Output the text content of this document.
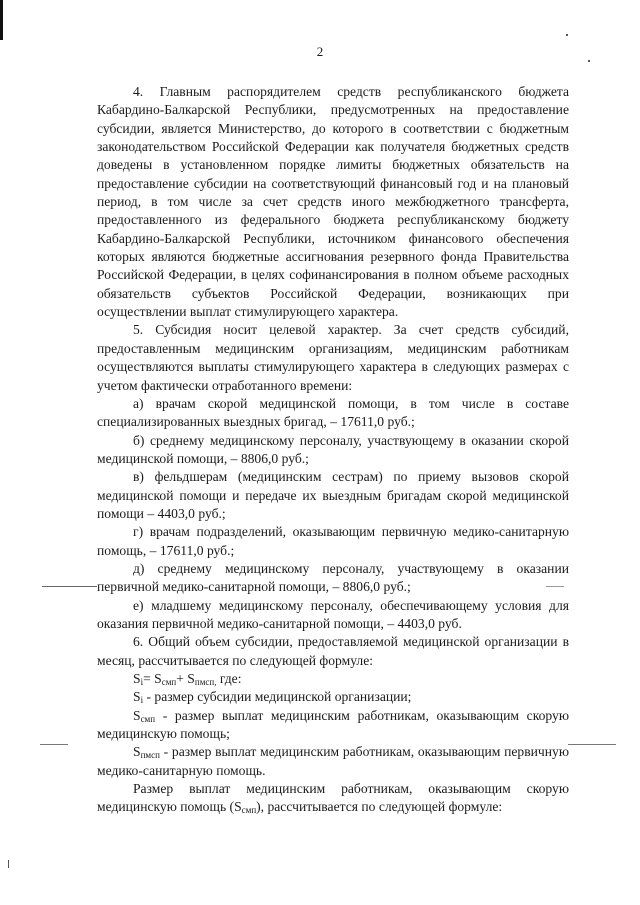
2

4. Главным распорядителем средств республиканского бюджета Кабардино-Балкарской Республики, предусмотренных на предоставление субсидии, является Министерство, до которого в соответствии с бюджетным законодательством Российской Федерации как получателя бюджетных средств доведены в установленном порядке лимиты бюджетных обязательств на предоставление субсидии на соответствующий финансовый год и на плановый период, в том числе за счет средств иного межбюджетного трансферта, предоставленного из федерального бюджета республиканскому бюджету Кабардино-Балкарской Республики, источником финансового обеспечения которых являются бюджетные ассигнования резервного фонда Правительства Российской Федерации, в целях софинансирования в полном объеме расходных обязательств субъектов Российской Федерации, возникающих при осуществлении выплат стимулирующего характера.

5. Субсидия носит целевой характер. За счет средств субсидий, предоставленным медицинским организациям, медицинским работникам осуществляются выплаты стимулирующего характера в следующих размерах с учетом фактически отработанного времени:

а) врачам скорой медицинской помощи, в том числе в составе специализированных выездных бригад, – 17611,0 руб.;

б) среднему медицинскому персоналу, участвующему в оказании скорой медицинской помощи, – 8806,0 руб.;

в) фельдшерам (медицинским сестрам) по приему вызовов скорой медицинской помощи и передаче их выездным бригадам скорой медицинской помощи – 4403,0 руб.;

г) врачам подразделений, оказывающим первичную медико-санитарную помощь, – 17611,0 руб.;

д) среднему медицинскому персоналу, участвующему в оказании первичной медико-санитарной помощи, – 8806,0 руб.;

е) младшему медицинскому персоналу, обеспечивающему условия для оказания первичной медико-санитарной помощи, – 4403,0 руб.

6. Общий объем субсидии, предоставляемой медицинской организации в месяц, рассчитывается по следующей формуле:

$S_i= S_{смп}+ S_{пмсп,}$ где:

$S_i$ - размер субсидии медицинской организации;

$S_{смп}$ - размер выплат медицинским работникам, оказывающим скорую медицинскую помощь;

$S_{пмсп}$ - размер выплат медицинским работникам, оказывающим первичную медико-санитарную помощь.

Размер выплат медицинским работникам, оказывающим скорую медицинскую помощь $(S_{смп})$, рассчитывается по следующей формуле:
